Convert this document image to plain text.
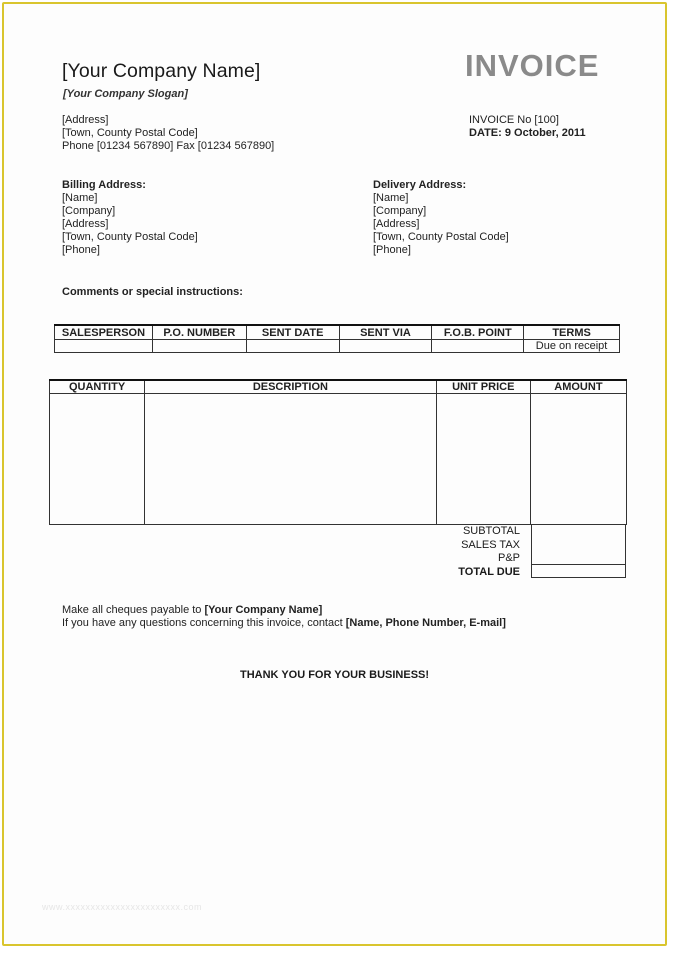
[Your Company Name]
[Your Company Slogan]
INVOICE
[Address]
[Town, County Postal Code]
Phone [01234 567890] Fax [01234 567890]
INVOICE No [100]
DATE: 9 October, 2011
Billing Address:
[Name]
[Company]
[Address]
[Town, County Postal Code]
[Phone]
Delivery Address:
[Name]
[Company]
[Address]
[Town, County Postal Code]
[Phone]
Comments or special instructions:
SALESPERSON	P.O. NUMBER	SENT DATE	SENT VIA	F.O.B. POINT	TERMS
					Due on receipt
QUANTITY	DESCRIPTION	UNIT PRICE	AMOUNT

SUBTOTAL
SALES TAX
P&P
TOTAL DUE
Make all cheques payable to [Your Company Name]
If you have any questions concerning this invoice, contact [Name, Phone Number, E-mail]
THANK YOU FOR YOUR BUSINESS!
www.xxxxxxxxxxxxxxxxxxxxxxx.com
